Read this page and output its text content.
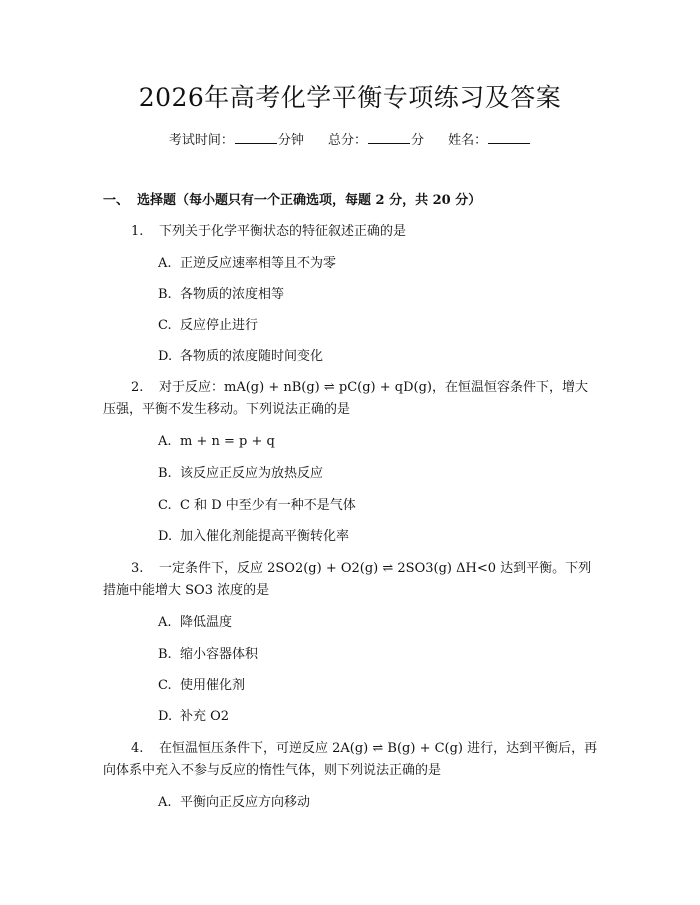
2026年高考化学平衡专项练习及答案
考试时间：	分钟 总分：	分 姓名：
一、 选择题（每小题只有一个正确选项，每题 2 分，共 20 分）
1. 下列关于化学平衡状态的特征叙述正确的是
A. 正逆反应速率相等且不为零
B. 各物质的浓度相等
C. 反应停止进行
D. 各物质的浓度随时间变化
2. 对于反应：mA(g) + nB(g) ⇌ pC(g) + qD(g)，在恒温恒容条件下，增大压强，平衡不发生移动。下列说法正确的是
A. m + n = p + q
B. 该反应正反应为放热反应
C. C 和 D 中至少有一种不是气体
D. 加入催化剂能提高平衡转化率
3. 一定条件下，反应 2SO2(g) + O2(g) ⇌ 2SO3(g) ΔH<0 达到平衡。下列措施中能增大 SO3 浓度的是
A. 降低温度
B. 缩小容器体积
C. 使用催化剂
D. 补充 O2
4. 在恒温恒压条件下，可逆反应 2A(g) ⇌ B(g) + C(g) 进行，达到平衡后，再向体系中充入不参与反应的惰性气体，则下列说法正确的是
A. 平衡向正反应方向移动
